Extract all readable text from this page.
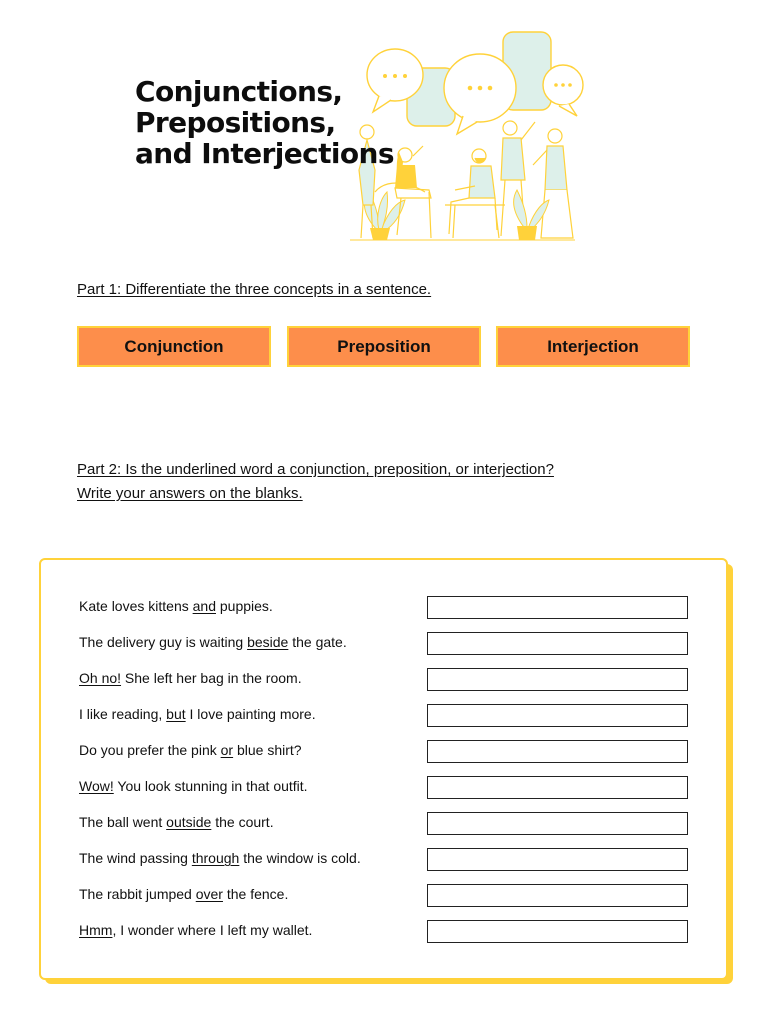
Conjunctions,
Prepositions,
and Interjections
Part 1: Differentiate the three concepts in a sentence.
Conjunction	Preposition	Interjection
Part 2: Is the underlined word a conjunction, preposition, or interjection?
Write your answers on the blanks.
Kate loves kittens and puppies.
The delivery guy is waiting beside the gate.
Oh no! She left her bag in the room.
I like reading, but I love painting more.
Do you prefer the pink or blue shirt?
Wow! You look stunning in that outfit.
The ball went outside the court.
The wind passing through the window is cold.
The rabbit jumped over the fence.
Hmm, I wonder where I left my wallet.
